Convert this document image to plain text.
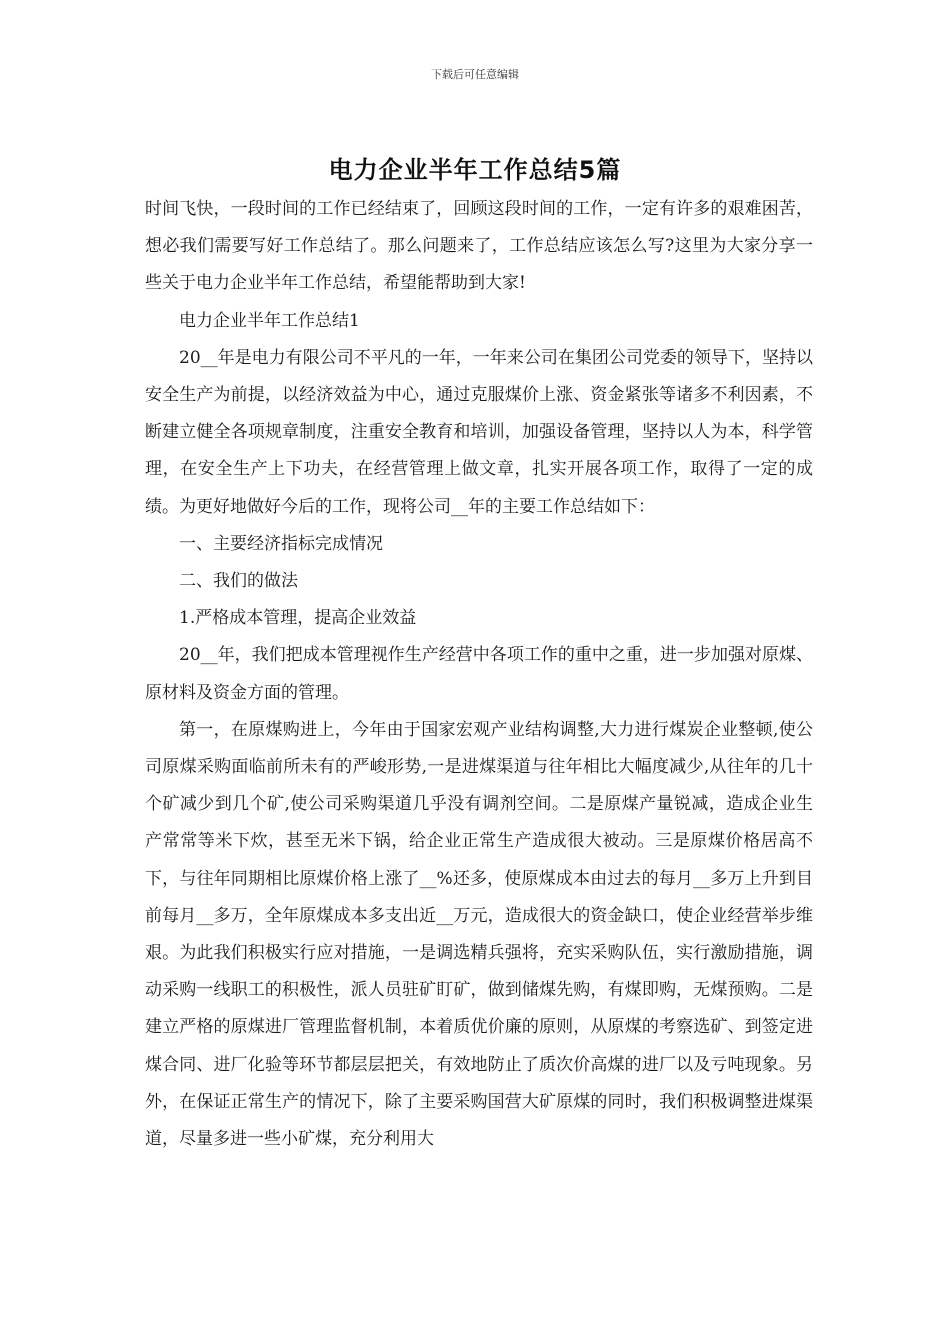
下载后可任意编辑
电力企业半年工作总结5篇

时间飞快，一段时间的工作已经结束了，回顾这段时间的工作，一定有许多的艰难困苦，想必我们需要写好工作总结了。那么问题来了，工作总结应该怎么写?这里为大家分享一些关于电力企业半年工作总结，希望能帮助到大家!

电力企业半年工作总结1

20__年是电力有限公司不平凡的一年，一年来公司在集团公司党委的领导下，坚持以安全生产为前提，以经济效益为中心，通过克服煤价上涨、资金紧张等诸多不利因素，不断建立健全各项规章制度，注重安全教育和培训，加强设备管理，坚持以人为本，科学管理，在安全生产上下功夫，在经营管理上做文章，扎实开展各项工作，取得了一定的成绩。为更好地做好今后的工作，现将公司__年的主要工作总结如下：

一、主要经济指标完成情况

二、我们的做法

1.严格成本管理，提高企业效益

20__年，我们把成本管理视作生产经营中各项工作的重中之重，进一步加强对原煤、原材料及资金方面的管理。

第一，在原煤购进上，今年由于国家宏观产业结构调整,大力进行煤炭企业整顿,使公司原煤采购面临前所未有的严峻形势,一是进煤渠道与往年相比大幅度减少,从往年的几十个矿减少到几个矿,使公司采购渠道几乎没有调剂空间。二是原煤产量锐减，造成企业生产常常等米下炊，甚至无米下锅，给企业正常生产造成很大被动。三是原煤价格居高不下，与往年同期相比原煤价格上涨了__%还多，使原煤成本由过去的每月__多万上升到目前每月__多万，全年原煤成本多支出近__万元，造成很大的资金缺口，使企业经营举步维艰。为此我们积极实行应对措施，一是调选精兵强将，充实采购队伍，实行激励措施，调动采购一线职工的积极性，派人员驻矿盯矿，做到储煤先购，有煤即购，无煤预购。二是建立严格的原煤进厂管理监督机制，本着质优价廉的原则，从原煤的考察选矿、到签定进煤合同、进厂化验等环节都层层把关，有效地防止了质次价高煤的进厂以及亏吨现象。另外，在保证正常生产的情况下，除了主要采购国营大矿原煤的同时，我们积极调整进煤渠道，尽量多进一些小矿煤，充分利用大
